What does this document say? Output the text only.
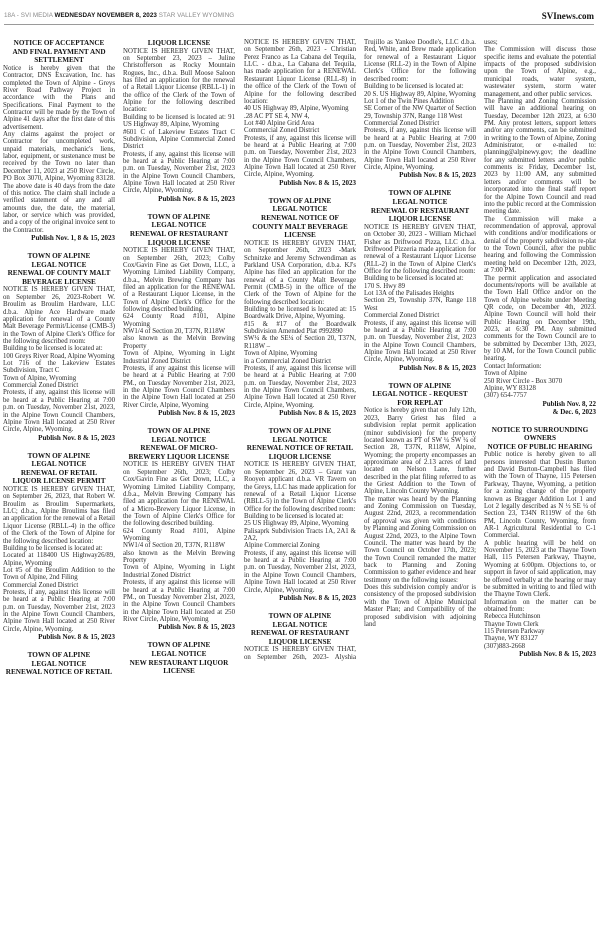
18A - SVI MEDIA WEDNESDAY NOVEMBER 8, 2023 STAR VALLEY WYOMING	SVInews.com
NOTICE OF ACCEPTANCE
AND FINAL PAYMENT AND
SETTLEMENT

Notice is hereby given that the Contractor, DNS Excavation, Inc. has completed the Town of Alpine - Greys River Road Pathway Project in accordance with the Plans and Specifications. Final Payment to the Contractor will be made by the Town of Alpine 41 days after the first date of this advertisement.

Any claims against the project or Contractor for uncompleted work, unpaid materials, mechanic's liens, labor, equipment, or sustenance must be received by the Town no later than December 11, 2023 at 250 River Circle, PO Box 3070, Alpine, Wyoming 83128. The above date is 40 days from the date of this notice. The claim shall include a verified statement of any and all amounts due, the date, the material, labor, or service which was provided, and a copy of the original invoice sent to the Contractor.

Publish Nov. 1, 8 & 15, 2023
TOWN OF ALPINE
LEGAL NOTICE
RENEWAL OF COUNTY MALT
BEVERAGE LICENSE

NOTICE IS HEREBY GIVEN THAT, on September 26, 2023-Robert W. Broulim as Broulim Hardware, LLC d.b.a. Alpine Ace Hardware made application for renewal of a County Malt Beverage Permit/License (CMB-3) in the Town of Alpine Clerk's Office for the following described room:

Building to be licensed is located at:

100 Greys River Road, Alpine Wyoming

Lot 716 of the Lakeview Estates Subdivision, Tract C

Town of Alpine, Wyoming

Commercial Zoned District

Protests, if any, against this license will be heard at a Public Hearing at 7:00 p.m. on Tuesday, November 21st, 2023, in the Alpine Town Council Chambers, Alpine Town Hall located at 250 River Circle, Alpine, Wyoming.

Publish Nov. 8 & 15, 2023
TOWN OF ALPINE
LEGAL NOTICE
RENEWAL OF RETAIL
LIQUOR LICENSE PERMIT

NOTICE IS HEREBY GIVEN THAT, on September 26, 2023, that Robert W. Broulim as Broulim Supermarkets, LLC; d.b.a., Alpine Broulims has filed an application for the renewal of a Retail Liquor License (RBLL-4) in the office of the Clerk of the Town of Alpine for the following described location:

Building to be licensed is located at:

Located at 118400 US Highway26/89, Alpine, Wyoming

Lot #5 of the Broulim Addition to the Town of Alpine, 2nd Filing

Commercial Zoned District

Protests, if any, against this license will be heard at a Public Hearing at 7:00 p.m. on Tuesday, November 21st, 2023 in the Alpine Town Council Chambers, Alpine Town Hall located at 250 River Circle, Alpine, Wyoming.

Publish Nov. 8 & 15, 2023
TOWN OF ALPINE
LEGAL NOTICE
RENEWAL NOTICE OF RETAIL
LIQUOR LICENSE

NOTICE IS HEREBY GIVEN THAT, on September 23, 2023 – Juline Christofferson as Rocky Mountain Rogues, Inc., d.b.a. Bull Moose Saloon has filed an application for the renewal of a Retail Liquor License (RBLL-1) in the office of the Clerk of the Town of Alpine for the following described location:

Building to be licensed is located at: 91 US Highway 89, Alpine, Wyoming

#601 C of Lakeview Estates Tract C Subdivision, Alpine Commercial Zoned District

Protests, if any, against this license will be heard at a Public Hearing at 7:00 p.m. on Tuesday, November 21st, 2023 in the Alpine Town Council Chambers, Alpine Town Hall located at 250 River Circle, Alpine, Wyoming.

Publish Nov. 8 & 15, 2023
TOWN OF ALPINE
LEGAL NOTICE
RENEWAL OF RESTAURANT
LIQUOR LICENSE

NOTICE IS HEREBY GIVEN THAT, on September 26th, 2023; Colby Cox/Gavin Fine as Get Down, LLC, a Wyoming Limited Liability Company, d.b.a., Melvin Brewing Company has filed an application for the RENEWAL of a Restaurant Liquor License, in the Town of Alpine Clerk's Office for the following described building.

624 County Road #101, Alpine Wyoming

NW1/4 of Section 20, T37N, R118W

also known as the Melvin Brewing Property

Town of Alpine, Wyoming in Light Industrial Zoned District

Protests, if any against this license will be heard at a Public Hearing at 7:00 PM., on Tuesday November 21st, 2023, in the Alpine Town Council Chambers in the Alpine Town Hall located at 250 River Circle, Alpine, Wyoming

Publish Nov. 8 & 15, 2023
TOWN OF ALPINE
LEGAL NOTICE
RENEWAL OF MICRO-
BREWERY LIQUOR LICENSE

NOTICE IS HEREBY GIVEN THAT on September 26th, 2023; Colby Cox/Gavin Fine as Get Down, LLC, a Wyoming Limited Liability Company, d.b.a., Melvin Brewing Company has filed an application for the RENEWAL of a Micro-Brewery Liquor License, in the Town of Alpine Clerk's Office for the following described building.

624 County Road #101, Alpine Wyoming

NW1/4 of Section 20, T37N, R118W

also known as the Melvin Brewing Property

Town of Alpine, Wyoming in Light Industrial Zoned District

Protests, if any against this license will be heard at a Public Hearing at 7:00 PM., on Tuesday November 21st, 2023, in the Alpine Town Council Chambers in the Alpine Town Hall located at 250 River Circle, Alpine, Wyoming

Publish Nov. 8 & 15, 2023
TOWN OF ALPINE
LEGAL NOTICE
NEW RESTAURANT LIQUOR
LICENSE

NOTICE IS HEREBY GIVEN THAT, on September 26th, 2023 - Christian Perez Franco as La Cabana del Tequila, LLC. - d.b.a., La Cabana del Tequila, has made application for a RENEWAL Restaurant Liquor License (RLL-8) in the office of the Clerk of the Town of Alpine for the following described location:

40 US Highway 89, Alpine, Wyoming

.28 AC PT SE 4, NW 4,

Lot #40 Alpine Grid Area

Commercial Zoned District

Protests, if any, against this license will be heard at a Public Hearing at 7:00 p.m. on Tuesday, November 21st, 2023 in the Alpine Town Council Chambers, Alpine Town Hall located at 250 River Circle, Alpine, Wyoming.

Publish Nov. 8 & 15, 2023
TOWN OF ALPINE
LEGAL NOTICE
RENEWAL NOTICE OF
COUNTY MALT BEVERAGE
LICENSE

NOTICE IS HEREBY GIVEN THAT, on September 26th, 2023 -Mark Schnitzke and Jeremy Schwendiman as Parkland USA Corporation, d.b.a. KJ's Alpine has filed an application for the renewal of a County Malt Beverage Permit (CMB-5) in the office of the Clerk of the Town of Alpine for the following described location:

Building to be licensed is located at: 15 Boardwalk Drive, Alpine, Wyoming.

#15 & #17 of the Boardwalk Subdivision Amended Plat #992890

SW¼ & the SE¼ of Section 20, T37N, R118W –

Town of Alpine, Wyoming

in a Commercial Zoned District

Protests, if any, against this license will be heard at a Public Hearing at 7:00 p.m. on Tuesday, November 21st, 2023 in the Alpine Town Council Chambers, Alpine Town Hall located at 250 River Circle, Alpine, Wyoming.

Publish Nov. 8 & 15, 2023
TOWN OF ALPINE
LEGAL NOTICE
RENEWAL NOTICE OF RETAIL
LIQUOR LICENSE

NOTICE IS HEREBY GIVEN THAT, on September 26, 2023 – Grant van Rooyen applicant d.b.a. VR Tavern on the Greys, LLC has made application for renewal of a Retail Liquor License (RBLL-5) in the Town of Alpine Clerk's Office for the following described room:

Building to be licensed is located at:

25 US Highway 89, Alpine, Wyoming

Palisaprk Subdivision Tracts 1A, 2A1 & 2A2,

Alpine Commercial Zoning

Protests, if any, against this license will be heard at a Public Hearing at 7:00 p.m. on Tuesday, November 21st, 2023, in the Alpine Town Council Chambers, Alpine Town Hall located at 250 River Circle, Alpine, Wyoming.

Publish Nov. 8 & 15, 2023
TOWN OF ALPINE
LEGAL NOTICE
RENEWAL OF RESTAURANT
LIQUOR LICENSE

NOTICE IS HEREBY GIVEN THAT, on September 26th, 2023- Alyshia

Trujillo as Yankee Doodle's, LLC d.b.a. Red, White, and Brew made application for renewal of a Restaurant Liquor License (RLL-2) in the Town of Alpine Clerk's Office for the following described room:

Building to be licensed is located at:

20 S. US Highway 89, Alpine, Wyoming

Lot 1 of the Twin Pines Addition

SE Corner of the NW Quarter of Section 29, Township 37N, Range 118 West

Commercial Zoned District

Protests, if any, against this license will be heard at a Public Hearing at 7:00 p.m. on Tuesday, November 21st, 2023 in the Alpine Town Council Chambers, Alpine Town Hall located at 250 River Circle, Alpine, Wyoming.

Publish Nov. 8 & 15, 2023
TOWN OF ALPINE
LEGAL NOTICE
RENEWAL OF RESTAURANT
LIQUOR LICENSE

NOTICE IS HEREBY GIVEN THAT, on October 30, 2023 - William Michael Fisher as Driftwood Pizza, LLC d.b.a. Driftwood Pizzeria made application for renewal of a Restaurant Liquor License (RLL-2) in the Town of Alpine Clerk's Office for the following described room:

Building to be licensed is located at:

170 S. Hwy 89

Lot 13A of the Palisades Heights

Section 29, Township 37N, Range 118 West

Commercial Zoned District

Protests, if any, against this license will be heard at a Public Hearing at 7:00 p.m. on Tuesday, November 21st, 2023 in the Alpine Town Council Chambers, Alpine Town Hall located at 250 River Circle, Alpine, Wyoming.

Publish Nov. 8 & 15, 2023
TOWN OF ALPINE
LEGAL NOTICE - REQUEST
FOR REPLAT

Notice is hereby given that on July 12th, 2023, Barry Griest has filed a subdivision replat permit application (minor subdivision) for the property located known as PT of SW ¼ SW ¼ of Section 28, T37N, R118W, Alpine, Wyoming; the property encompasses an approximate area of 2.13 acres of land located on Nelson Lane, further described in the plat filing referred to as the Griest Addition to the Town of Alpine, Lincoln County Wyoming.

The matter was heard by the Planning and Zoning Commission on Tuesday, August 22nd, 2023, a recommendation of approval was given with conditions by Planning and Zoning Commission on August 22nd, 2023, to the Alpine Town Council. The matter was heard by the Town Council on October 17th, 2023; the Town Council remanded the matter back to Planning and Zoning Commission to gather evidence and hear testimony on the following issues:

Does this subdivision comply and/or is consistency of the proposed subdivision with the Town of Alpine Municipal Master Plan; and Compatibility of the proposed subdivision with adjoining land

uses;

The Commission will discuss those specific items and evaluate the potential impacts of the proposed subdivision upon the Town of Alpine, e.g., municipal roads, water system, wastewater system, storm water management, and other public services.

The Planning and Zoning Commission will have an additional hearing on Tuesday, December 12th 2023, at 6:30 PM. Any protest letters, support letters and/or any comments, can be submitted in writing to the Town of Alpine, Zoning Administrator, or e-mailed to: planning@alpinewy.gov; the deadline for any submitted letters and/or public comments is: Friday, December 1st, 2023 by 11:00 AM, any submitted letters and/or comments will be incorporated into the final staff report for the Alpine Town Council and read into the public record at the Commission meeting date.

The Commission will make a recommendation of approval, approval with conditions and/or modifications or denial of the property subdivision re-plat to the Town Council, after the public hearing and following the Commission meeting held on December 12th, 2023, at 7:00 PM.

The permit application and associated documents/reports will be available at the Town Hall Office and/or on the Town of Alpine website under Meeting QR code, on December 4th, 2023. Alpine Town Council will hold their Public Hearing on December 19th, 2023, at 6:30 PM. Any submitted comments for the Town Council are to be submitted by December 13th, 2023, by 10 AM, for the Town Council public hearing.

Contact Information:

Town of Alpine

250 River Circle - Box 3070

Alpine, WY 83128

(307) 654-7757

Publish Nov. 8, 22
& Dec. 6, 2023
NOTICE TO SURROUNDING
OWNERS
NOTICE OF PUBLIC HEARING

Public notice is hereby given to all persons interested that Dustin Burton and David Burton-Campbell has filed with the Town of Thayne, 115 Petersen Parkway, Thayne, Wyoming, a petition for a zoning change of the property known as Bragger Addition Lot 1 and Lot 2 legally described as N ½ SE ¼ of Section 23, T34N R119W of the 6th PM, Lincoln County, Wyoming, from AR-1 Agricultural Residential to C-1 Commercial.

A public hearing will be held on November 15, 2023 at the Thayne Town Hall, 115 Petersen Parkway, Thayne, Wyoming at 6:00pm. Objections to, or support in favor of said application, may be offered verbally at the hearing or may be submitted in writing to and filed with the Thayne Town Clerk.

Information on the matter can be obtained from:

Rebecca Hutchinson

Thayne Town Clerk

115 Petersen Parkway

Thayne, WY 83127

(307)883-2668

Publish Nov. 8 & 15, 2023
